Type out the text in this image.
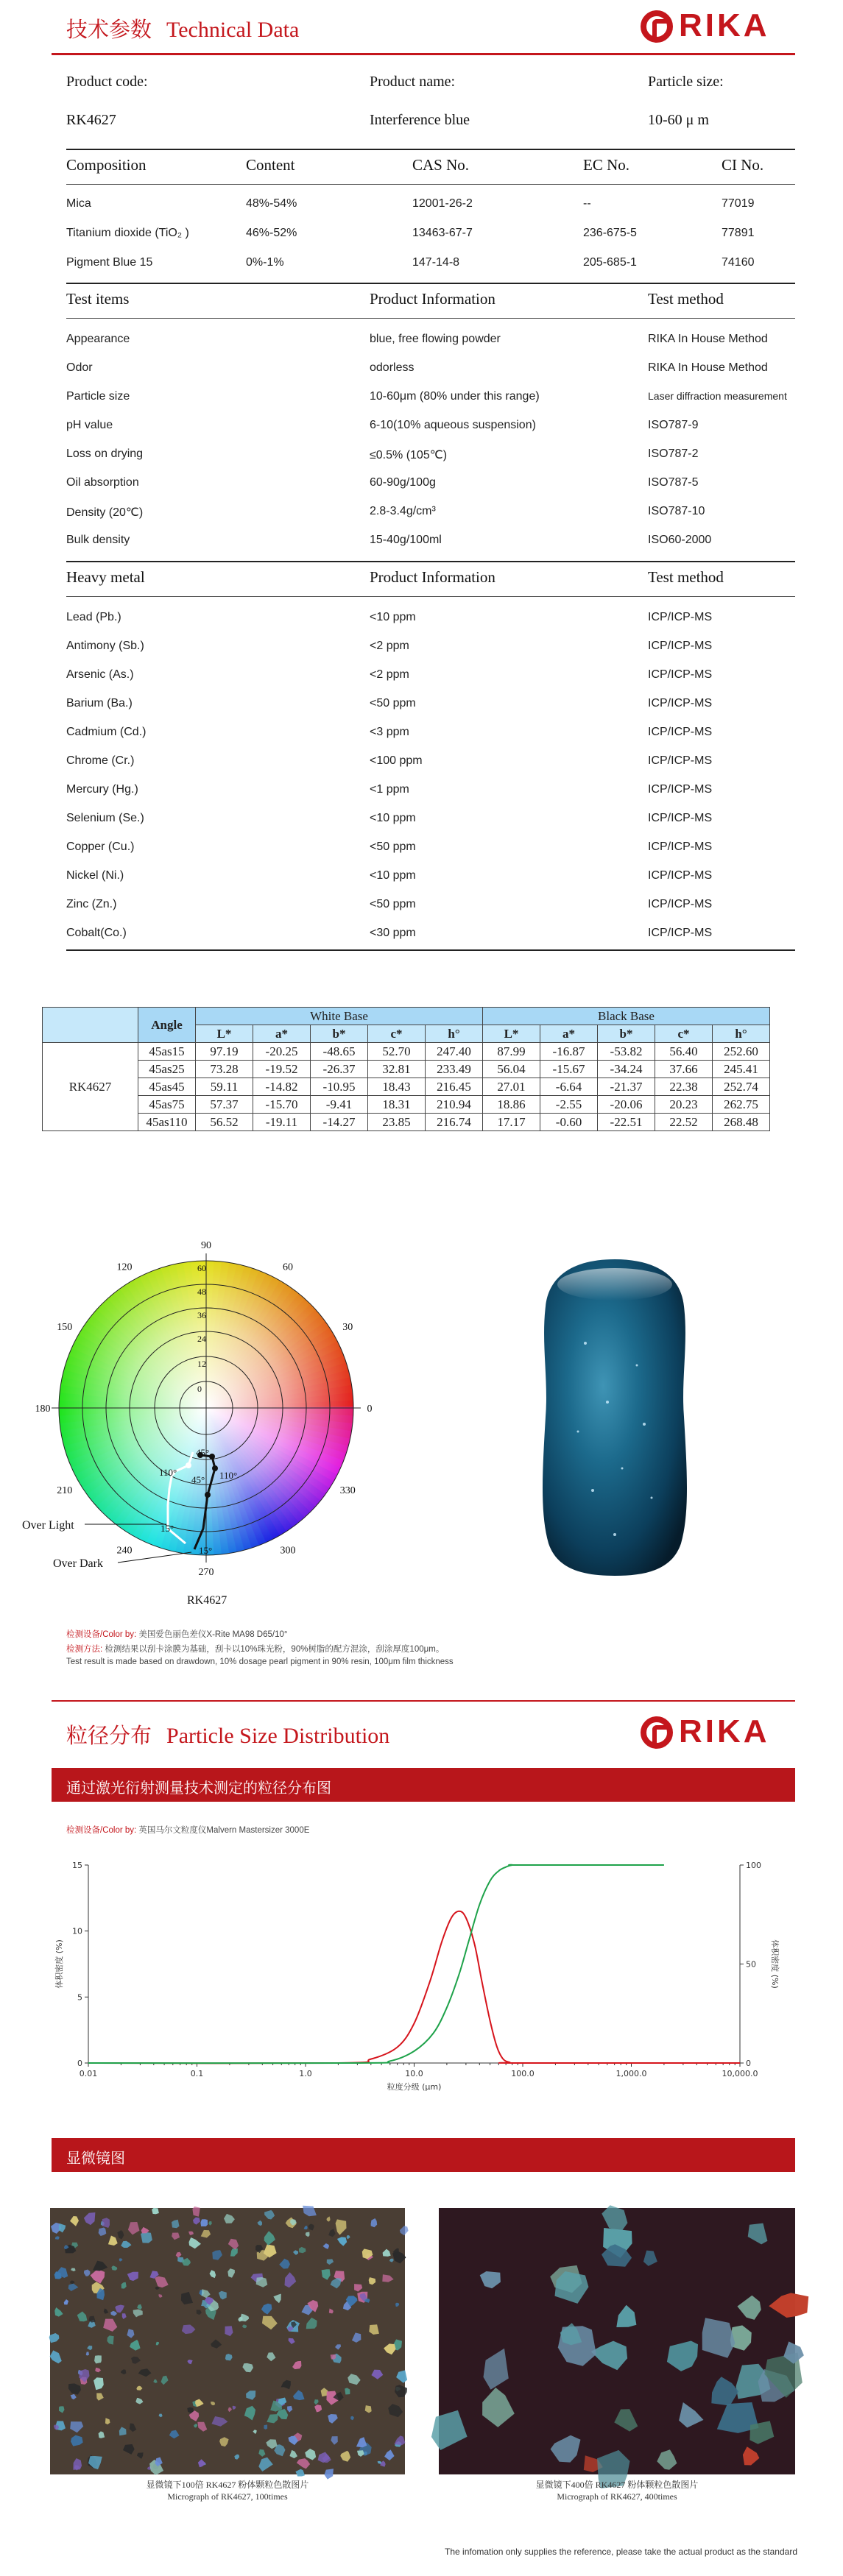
技术参数 Technical Data	RIKA
Product code:	Product name:	Particle size:
RK4627	Interference blue	10-60 μ m
Composition	Content	CAS No.	EC No.	CI No.
Mica	48%-54%	12001-26-2	--	77019
Titanium dioxide (TiO₂ )	46%-52%	13463-67-7	236-675-5	77891
Pigment Blue 15	0%-1%	147-14-8	205-685-1	74160
Test items	Product Information	Test method
Appearance	blue, free flowing powder	RIKA In House Method
Odor	odorless	RIKA In House Method
Particle size	10-60μm (80% under this range)	Laser diffraction measurement
pH value	6-10(10% aqueous suspension)	ISO787-9
Loss on drying	≤0.5% (105℃)	ISO787-2
Oil absorption	60-90g/100g	ISO787-5
Density (20℃)	2.8-3.4g/cm³	ISO787-10
Bulk density	15-40g/100ml	ISO60-2000
Heavy metal	Product Information	Test method
Lead (Pb.)	<10 ppm	ICP/ICP-MS
Antimony (Sb.)	<2 ppm	ICP/ICP-MS
Arsenic (As.)	<2 ppm	ICP/ICP-MS
Barium (Ba.)	<50 ppm	ICP/ICP-MS
Cadmium (Cd.)	<3 ppm	ICP/ICP-MS
Chrome (Cr.)	<100 ppm	ICP/ICP-MS
Mercury (Hg.)	<1 ppm	ICP/ICP-MS
Selenium (Se.)	<10 ppm	ICP/ICP-MS
Copper (Cu.)	<50 ppm	ICP/ICP-MS
Nickel (Ni.)	<10 ppm	ICP/ICP-MS
Zinc (Zn.)	<50 ppm	ICP/ICP-MS
Cobalt(Co.)	<30 ppm	ICP/ICP-MS
	Angle	White Base					Black Base				
		L*	a*	b*	c*	h°	L*	a*	b*	c*	h°
RK4627	45as15	97.19	-20.25	-48.65	52.70	247.40	87.99	-16.87	-53.82	56.40	252.60
	45as25	73.28	-19.52	-26.37	32.81	233.49	56.04	-15.67	-34.24	37.66	245.41
	45as45	59.11	-14.82	-10.95	18.43	216.45	27.01	-6.64	-21.37	22.38	252.74
	45as75	57.37	-15.70	-9.41	18.31	210.94	18.86	-2.55	-20.06	20.23	262.75
	45as110	56.52	-19.11	-14.27	23.85	216.74	17.17	-0.60	-22.51	22.52	268.48
60
48
36
24
12
0
90
60
30
0
330
300
270
240
210
180
150
120
45°
110°	110°
45°
15°
15°
Over Light
Over Dark
RK4627
检测设备/Color by: 美国爱色丽色差仪X-Rite MA98 D65/10°
检测方法: 检测结果以刮卡涂膜为基础，刮卡以10%珠光粉，90%树脂的配方混涂，刮涂厚度100μm。
Test result is made based on drawdown, 10% dosage pearl pigment in 90% resin, 100μm film thickness
粒径分布 Particle Size Distribution	RIKA
通过激光衍射测量技术测定的粒径分布图
检测设备/Color by: 英国马尔文粒度仪Malvern Mastersizer 3000E
0.01	0.1	1.0	10.0	100.0	1,000.0	10,000.0
0
5
10
15
0
50
100
粒度分级 (μm)
体积密度 (%)	体积密度 (%)
显微镜图
显微镜下100倍 RK4627 粉体颗粒色散图片
Micrograph of RK4627, 100times
显微镜下400倍 RK4627 粉体颗粒色散图片
Micrograph of RK4627, 400times
The infomation only supplies the reference, please take the actual product as the standard
